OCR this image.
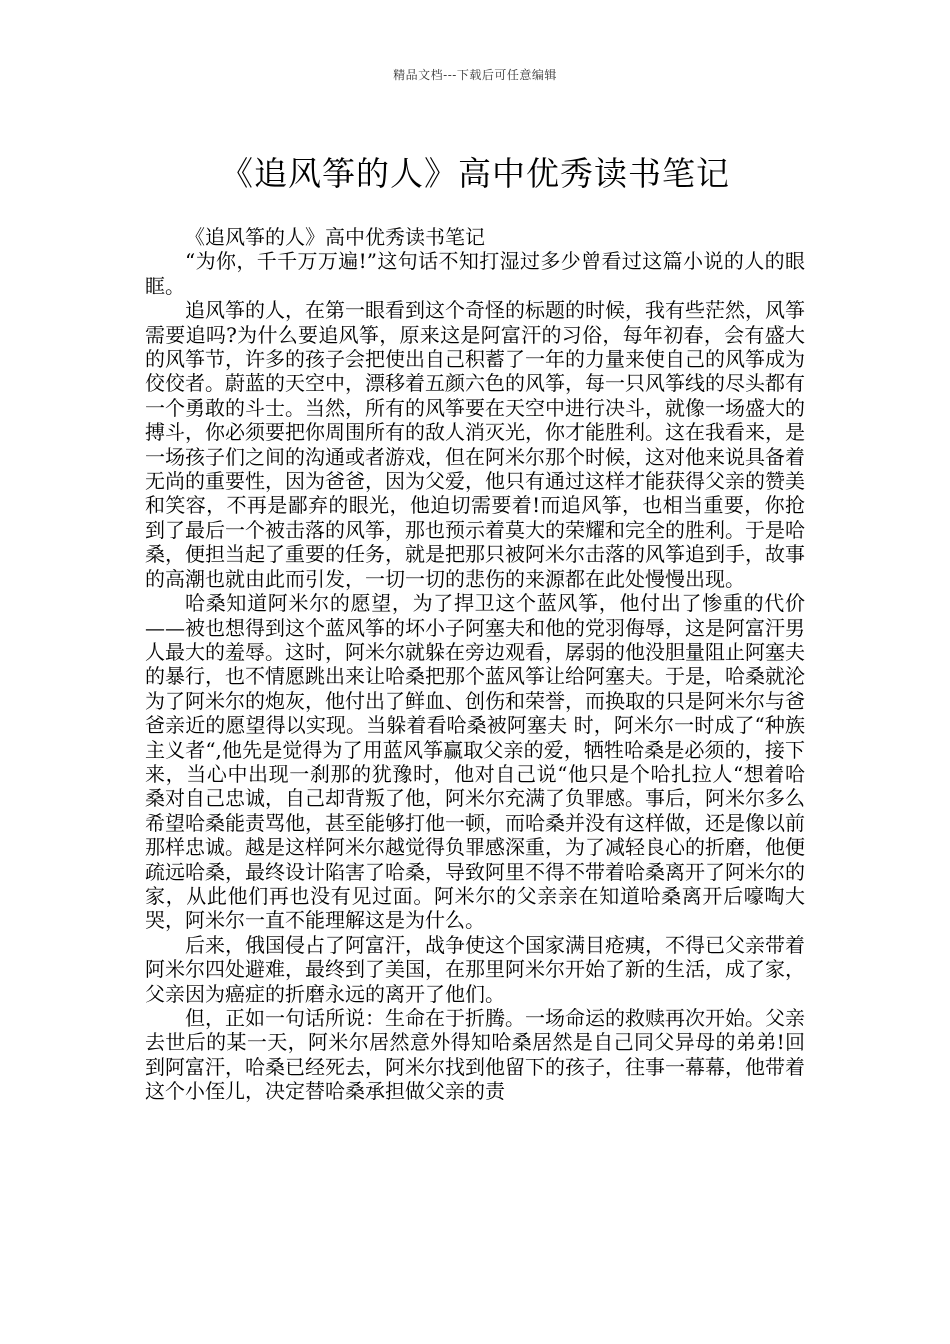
精品文档---下载后可任意编辑
《追风筝的人》高中优秀读书笔记

《追风筝的人》高中优秀读书笔记

“为你，千千万万遍!”这句话不知打湿过多少曾看过这篇小说的人的眼眶。

追风筝的人，在第一眼看到这个奇怪的标题的时候，我有些茫然，风筝需要追吗?为什么要追风筝，原来这是阿富汗的习俗，每年初春，会有盛大的风筝节，许多的孩子会把使出自己积蓄了一年的力量来使自己的风筝成为佼佼者。蔚蓝的天空中，漂移着五颜六色的风筝，每一只风筝线的尽头都有一个勇敢的斗士。当然，所有的风筝要在天空中进行决斗，就像一场盛大的搏斗，你必须要把你周围所有的敌人消灭光，你才能胜利。这在我看来，是一场孩子们之间的沟通或者游戏，但在阿米尔那个时候，这对他来说具备着无尚的重要性，因为爸爸，因为父爱，他只有通过这样才能获得父亲的赞美和笑容，不再是鄙弃的眼光，他迫切需要着!而追风筝，也相当重要，你抢到了最后一个被击落的风筝，那也预示着莫大的荣耀和完全的胜利。于是哈桑，便担当起了重要的任务，就是把那只被阿米尔击落的风筝追到手，故事的高潮也就由此而引发，一切一切的悲伤的来源都在此处慢慢出现。

哈桑知道阿米尔的愿望，为了捍卫这个蓝风筝，他付出了惨重的代价——被也想得到这个蓝风筝的坏小子阿塞夫和他的党羽侮辱，这是阿富汗男人最大的羞辱。这时，阿米尔就躲在旁边观看，孱弱的他没胆量阻止阿塞夫的暴行，也不情愿跳出来让哈桑把那个蓝风筝让给阿塞夫。于是，哈桑就沦为了阿米尔的炮灰，他付出了鲜血、创伤和荣誉，而换取的只是阿米尔与爸爸亲近的愿望得以实现。当躲着看哈桑被阿塞夫 时，阿米尔一时成了“种族主义者“,他先是觉得为了用蓝风筝赢取父亲的爱，牺牲哈桑是必须的，接下来，当心中出现一刹那的犹豫时，他对自己说“他只是个哈扎拉人“想着哈桑对自己忠诚，自己却背叛了他，阿米尔充满了负罪感。事后，阿米尔多么希望哈桑能责骂他，甚至能够打他一顿，而哈桑并没有这样做，还是像以前那样忠诚。越是这样阿米尔越觉得负罪感深重，为了减轻良心的折磨，他便疏远哈桑，最终设计陷害了哈桑，导致阿里不得不带着哈桑离开了阿米尔的家，从此他们再也没有见过面。阿米尔的父亲亲在知道哈桑离开后嚎啕大哭，阿米尔一直不能理解这是为什么。

后来，俄国侵占了阿富汗，战争使这个国家满目疮痍，不得已父亲带着阿米尔四处避难，最终到了美国，在那里阿米尔开始了新的生活，成了家，父亲因为癌症的折磨永远的离开了他们。

但，正如一句话所说：生命在于折腾。一场命运的救赎再次开始。父亲去世后的某一天，阿米尔居然意外得知哈桑居然是自己同父异母的弟弟!回到阿富汗，哈桑已经死去，阿米尔找到他留下的孩子，往事一幕幕，他带着这个小侄儿，决定替哈桑承担做父亲的责
